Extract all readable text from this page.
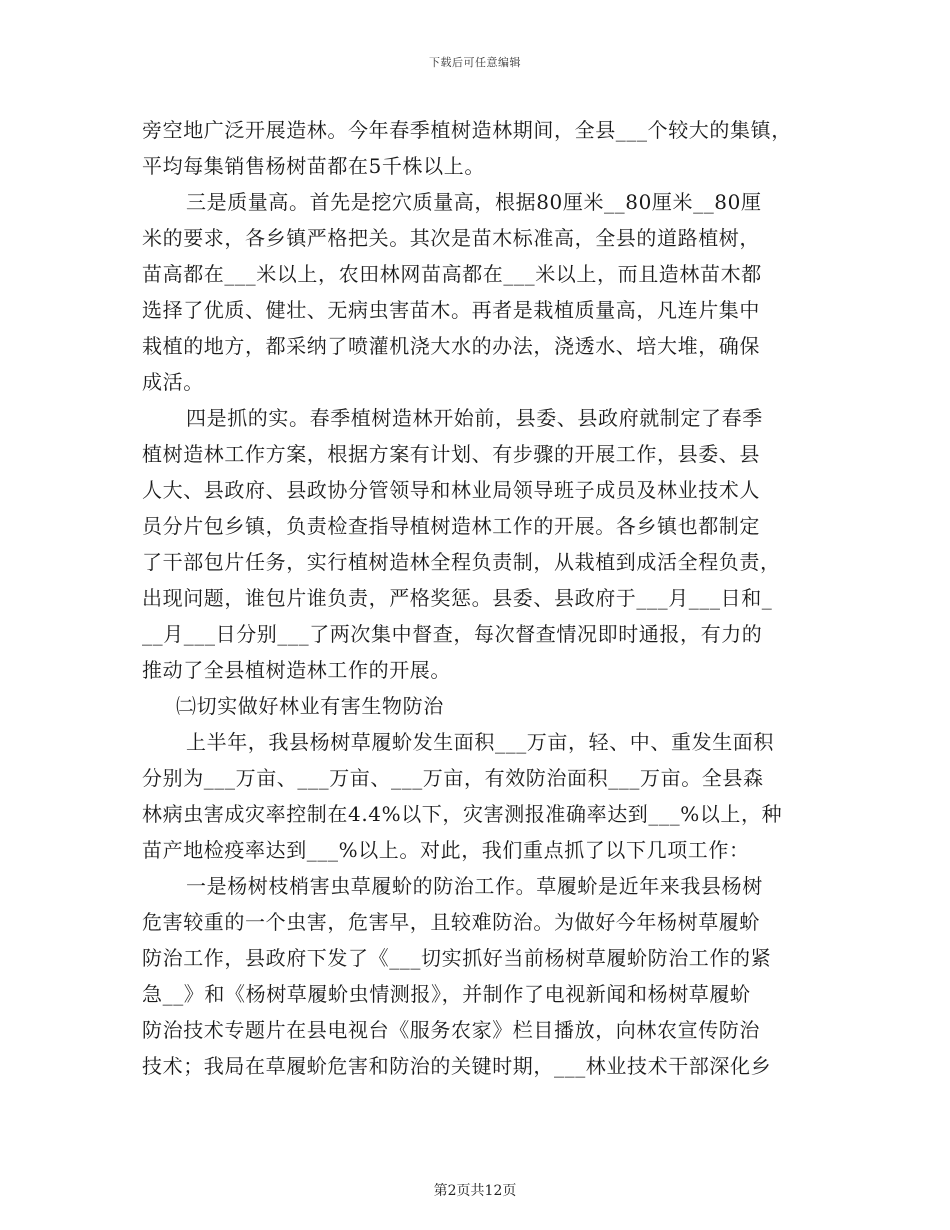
下载后可任意编辑
旁空地广泛开展造林。今年春季植树造林期间，全县___个较大的集镇，
平均每集销售杨树苗都在5千株以上。
三是质量高。首先是挖穴质量高，根据80厘米__80厘米__80厘
米的要求，各乡镇严格把关。其次是苗木标准高，全县的道路植树，
苗高都在___米以上，农田林网苗高都在___米以上，而且造林苗木都
选择了优质、健壮、无病虫害苗木。再者是栽植质量高，凡连片集中
栽植的地方，都采纳了喷灌机浇大水的办法，浇透水、培大堆，确保
成活。
四是抓的实。春季植树造林开始前，县委、县政府就制定了春季
植树造林工作方案，根据方案有计划、有步骤的开展工作，县委、县
人大、县政府、县政协分管领导和林业局领导班子成员及林业技术人
员分片包乡镇，负责检查指导植树造林工作的开展。各乡镇也都制定
了干部包片任务，实行植树造林全程负责制，从栽植到成活全程负责，
出现问题，谁包片谁负责，严格奖惩。县委、县政府于___月___日和_
__月___日分别___了两次集中督查，每次督查情况即时通报，有力的
推动了全县植树造林工作的开展。
㈡切实做好林业有害生物防治
上半年，我县杨树草履蚧发生面积___万亩，轻、中、重发生面积
分别为___万亩、___万亩、___万亩，有效防治面积___万亩。全县森
林病虫害成灾率控制在4.4%以下，灾害测报准确率达到___%以上，种
苗产地检疫率达到___%以上。对此，我们重点抓了以下几项工作：
一是杨树枝梢害虫草履蚧的防治工作。草履蚧是近年来我县杨树
危害较重的一个虫害，危害早，且较难防治。为做好今年杨树草履蚧
防治工作，县政府下发了《___切实抓好当前杨树草履蚧防治工作的紧
急__》和《杨树草履蚧虫情测报》，并制作了电视新闻和杨树草履蚧
防治技术专题片在县电视台《服务农家》栏目播放，向林农宣传防治
技术；我局在草履蚧危害和防治的关键时期，___林业技术干部深化乡
第2页共12页
